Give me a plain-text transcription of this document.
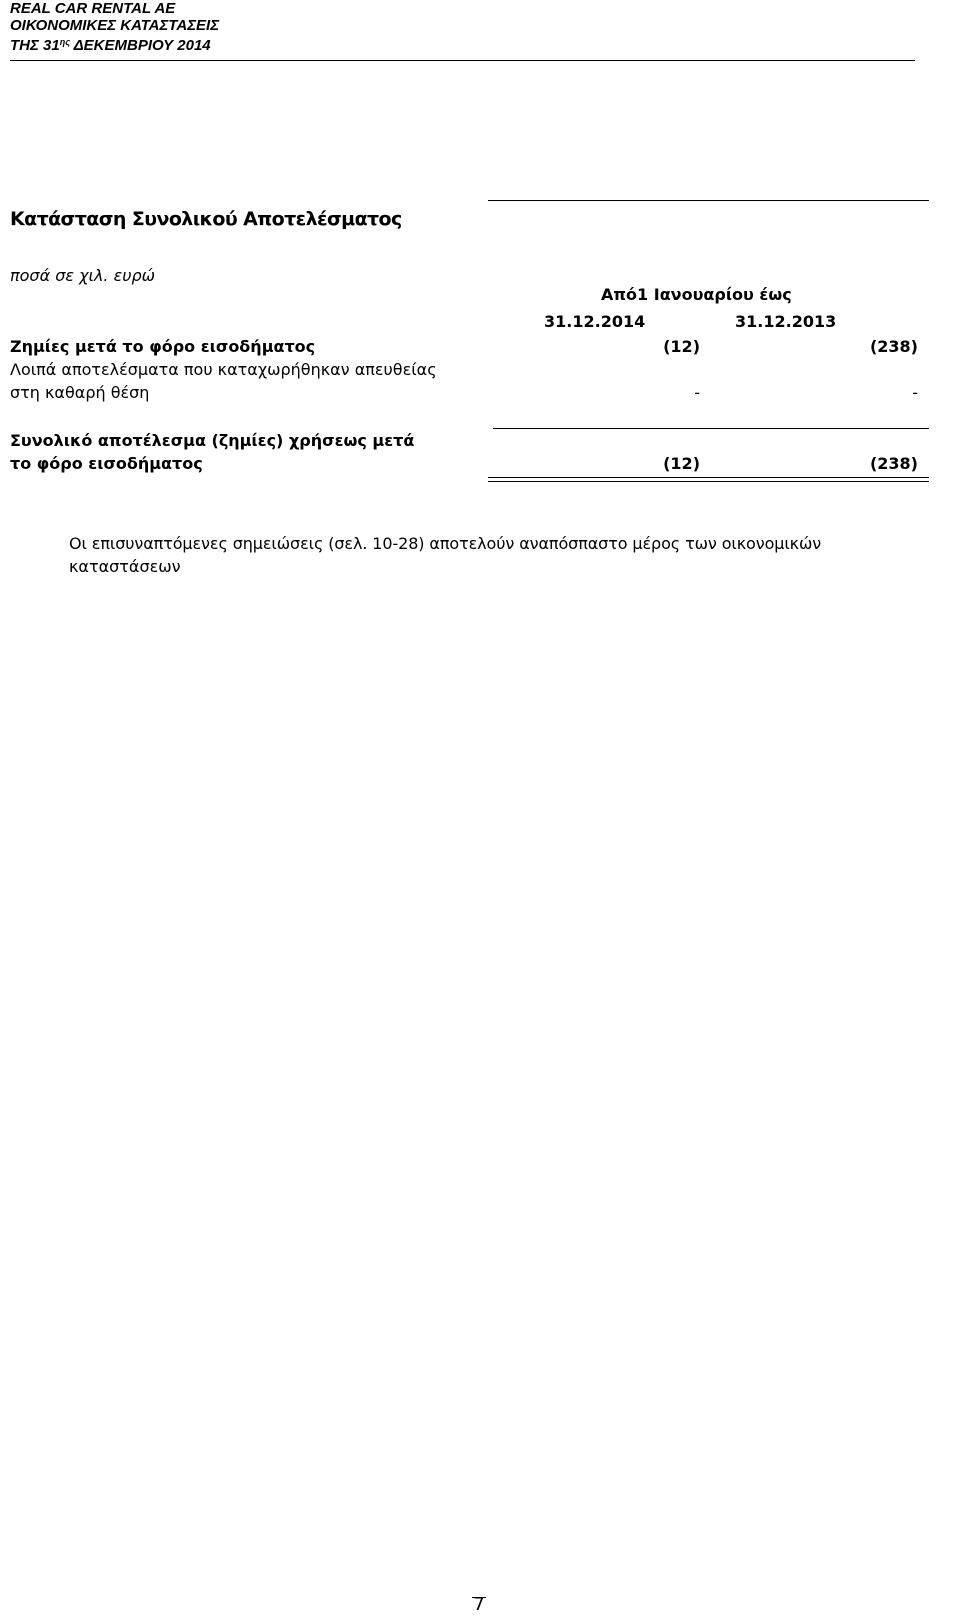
REAL CAR RENTAL AE
ΟΙΚΟΝΟΜΙΚΕΣ ΚΑΤΑΣΤΑΣΕΙΣ
ΤΗΣ $31^{\eta\varsigma}$ ΔΕΚΕΜΒΡΙΟΥ 2014
Κατάσταση Συνολικού Αποτελέσματος
ποσά σε χιλ. ευρώ
Από1 Ιανουαρίου έως
31.12.2014	31.12.2013
Ζημίες μετά το φόρο εισοδήματος	(12)	(238)
Λοιπά αποτελέσματα που καταχωρήθηκαν απευθείας
στη καθαρή θέση	-	-
Συνολικό αποτέλεσμα (ζημίες) χρήσεως μετά
το φόρο εισοδήματος	(12)	(238)
Οι επισυναπτόμενες σημειώσεις (σελ. 10-28) αποτελούν αναπόσπαστο μέρος των οικονομικών
καταστάσεων
7
